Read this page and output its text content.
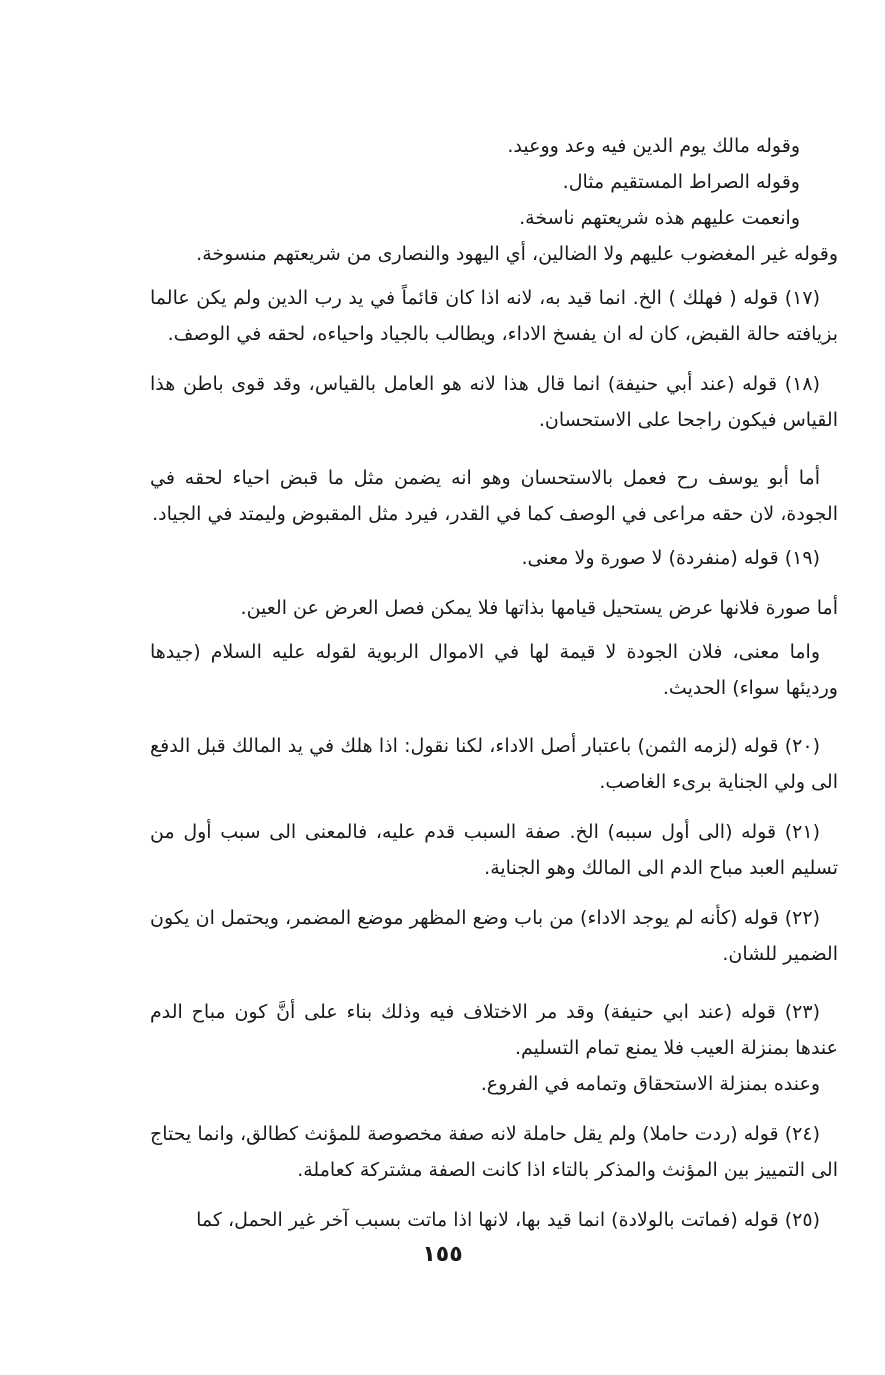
وقوله مالك يوم الدين فيه وعد ووعيد.

وقوله الصراط المستقيم مثال.

وانعمت عليهم هذه شريعتهم ناسخة.

وقوله غير المغضوب عليهم ولا الضالين، أي اليهود والنصارى من شريعتهم منسوخة.

(١٧) قوله ( فهلك ) الخ. انما قيد به، لانه اذا كان قائماً في يد رب الدين ولم يكن عالما بزيافته حالة القبض، كان له ان يفسخ الاداء، ويطالب بالجياد واحياءه، لحقه في الوصف.

(١٨) قوله (عند أبي حنيفة) انما قال هذا لانه هو العامل بالقياس، وقد قوى باطن هذا القياس فيكون راجحا على الاستحسان.

أما أبو يوسف رح فعمل بالاستحسان وهو انه يضمن مثل ما قبض احياء لحقه في الجودة، لان حقه مراعى في الوصف كما في القدر، فيرد مثل المقبوض وليمتد في الجياد.

(١٩) قوله (منفردة) لا صورة ولا معنى.

أما صورة فلانها عرض يستحيل قيامها بذاتها فلا يمكن فصل العرض عن العين.

واما معنى، فلان الجودة لا قيمة لها في الاموال الربوية لقوله عليه السلام (جيدها ورديئها سواء) الحديث.

(٢٠) قوله (لزمه الثمن) باعتبار أصل الاداء، لكنا نقول: اذا هلك في يد المالك قبل الدفع الى ولي الجناية برىء الغاصب.

(٢١) قوله (الى أول سببه) الخ. صفة السبب قدم عليه، فالمعنى الى سبب أول من تسليم العبد مباح الدم الى المالك وهو الجناية.

(٢٢) قوله (كأنه لم يوجد الاداء) من باب وضع المظهر موضع المضمر، ويحتمل ان يكون الضمير للشان.

(٢٣) قوله (عند ابي حنيفة) وقد مر الاختلاف فيه وذلك بناء على أنَّ كون مباح الدم عندها بمنزلة العيب فلا يمنع تمام التسليم.

وعنده بمنزلة الاستحقاق وتمامه في الفروع.

(٢٤) قوله (ردت حاملا) ولم يقل حاملة لانه صفة مخصوصة للمؤنث كطالق، وانما يحتاج الى التمييز بين المؤنث والمذكر بالتاء اذا كانت الصفة مشتركة كعاملة.

(٢٥) قوله (فماتت بالولادة) انما قيد بها، لانها اذا ماتت بسبب آخر غير الحمل، كما

١٥٥
